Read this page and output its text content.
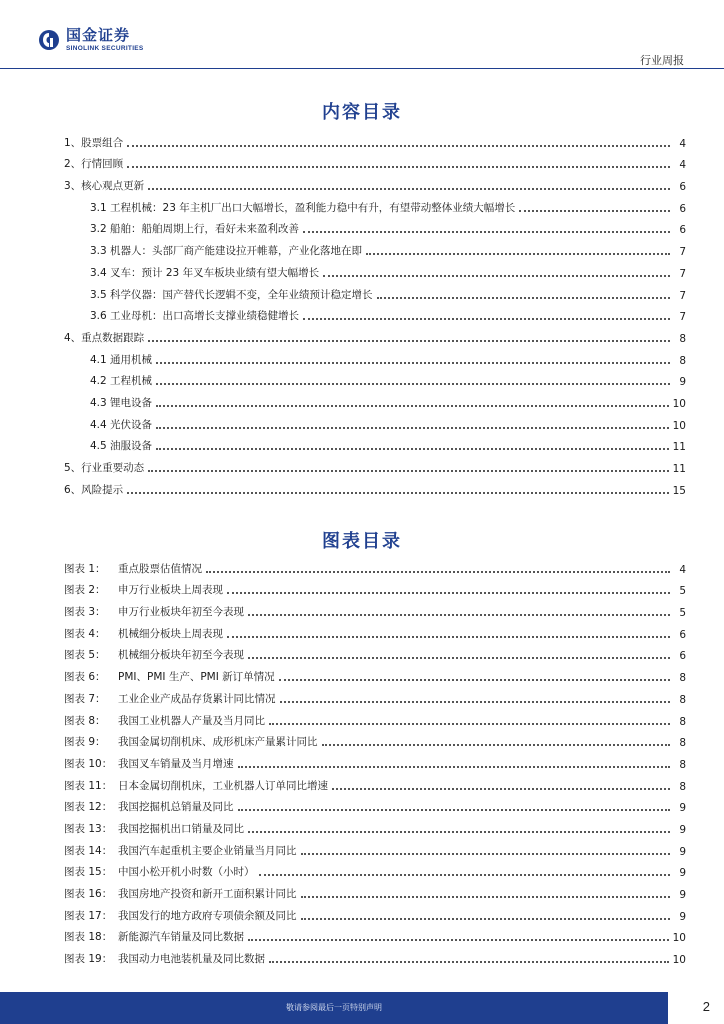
国金证券
SINOLINK SECURITIES
行业周报
内容目录
1、股票组合	4
2、行情回顾	4
3、核心观点更新	6
3.1 工程机械：23 年主机厂出口大幅增长，盈利能力稳中有升，有望带动整体业绩大幅增长	6
3.2 船舶：船舶周期上行，看好未来盈利改善	6
3.3 机器人：头部厂商产能建设拉开帷幕，产业化落地在即	7
3.4 叉车：预计 23 年叉车板块业绩有望大幅增长	7
3.5 科学仪器：国产替代长逻辑不变，全年业绩预计稳定增长	7
3.6 工业母机：出口高增长支撑业绩稳健增长	7
4、重点数据跟踪	8
4.1 通用机械	8
4.2 工程机械	9
4.3 锂电设备	10
4.4 光伏设备	10
4.5 油服设备	11
5、行业重要动态	11
6、风险提示	15
图表目录
图表 1：	重点股票估值情况	4
图表 2：	申万行业板块上周表现	5
图表 3：	申万行业板块年初至今表现	5
图表 4：	机械细分板块上周表现	6
图表 5：	机械细分板块年初至今表现	6
图表 6：	PMI、PMI 生产、PMI 新订单情况	8
图表 7：	工业企业产成品存货累计同比情况	8
图表 8：	我国工业机器人产量及当月同比	8
图表 9：	我国金属切削机床、成形机床产量累计同比	8
图表 10： 我国叉车销量及当月增速	8
图表 11： 日本金属切削机床，工业机器人订单同比增速	8
图表 12： 我国挖掘机总销量及同比	9
图表 13： 我国挖掘机出口销量及同比	9
图表 14： 我国汽车起重机主要企业销量当月同比	9
图表 15： 中国小松开机小时数（小时）	9
图表 16： 我国房地产投资和新开工面积累计同比	9
图表 17： 我国发行的地方政府专项债余额及同比	9
图表 18： 新能源汽车销量及同比数据	10
图表 19： 我国动力电池装机量及同比数据	10
敬请参阅最后一页特别声明	2
